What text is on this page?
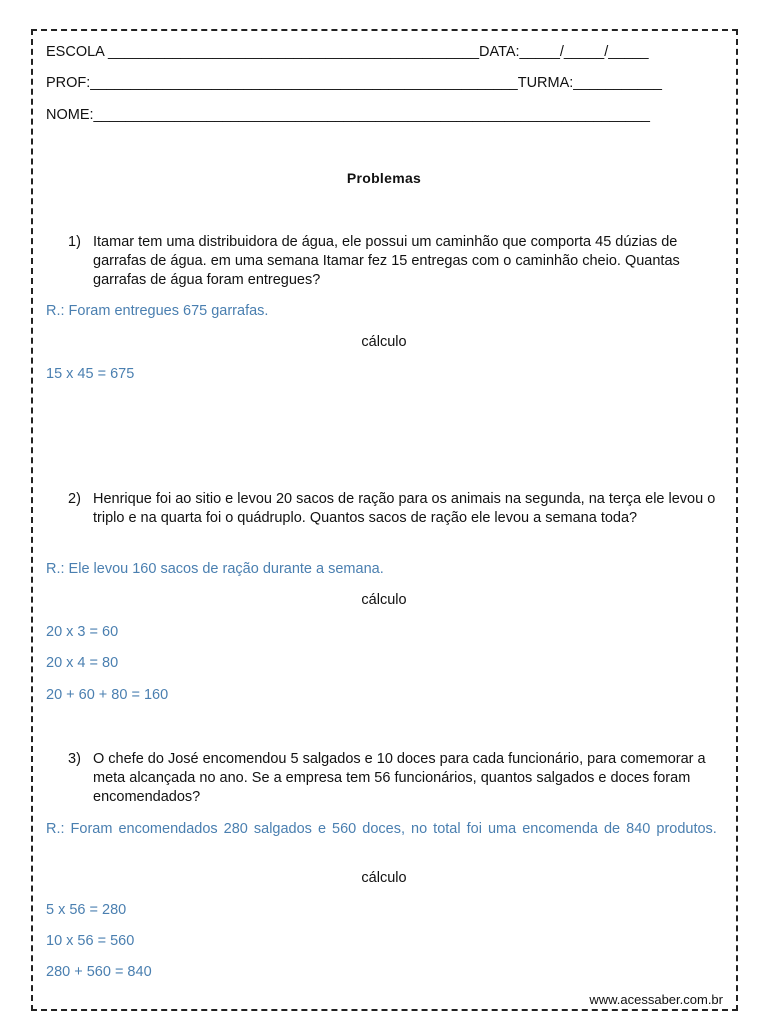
ESCOLA ______________________________________________DATA:_____/_____/_____
PROF:_____________________________________________________TURMA:___________
NOME:_____________________________________________________________________
Problemas
1) Itamar tem uma distribuidora de água, ele possui um caminhão que comporta 45 dúzias de garrafas de água. em uma semana Itamar fez 15 entregas com o caminhão cheio. Quantas garrafas de água foram entregues?
R.: Foram entregues 675 garrafas.
cálculo
15 x 45 = 675
2) Henrique foi ao sitio e levou 20 sacos de ração para os animais na segunda, na terça ele levou o triplo e na quarta foi o quádruplo. Quantos sacos de ração ele levou a semana toda?
R.: Ele levou 160 sacos de ração durante a semana.
cálculo
20 x 3 = 60
20 x 4 = 80
20 + 60 + 80 = 160
3) O chefe do José encomendou 5 salgados e 10 doces para cada funcionário, para comemorar a meta alcançada no ano. Se a empresa tem 56 funcionários, quantos salgados e doces foram encomendados?
R.: Foram encomendados 280 salgados e 560 doces, no total foi uma encomenda de 840 produtos.
cálculo
5 x 56 = 280
10 x 56 = 560
280 + 560 = 840
www.acessaber.com.br
